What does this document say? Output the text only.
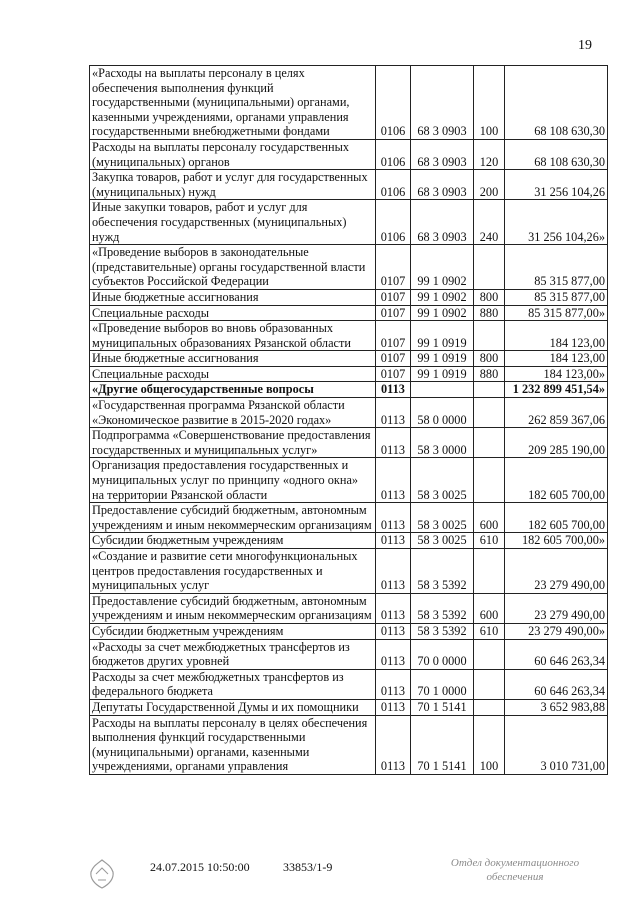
19
«Расходы на выплаты персоналу в целях обеспечения выполнения функций государственными (муниципальными) органами, казенными учреждениями, органами управления государственными внебюджетными фондами	0106	68 3 0903	100	68 108 630,30
Расходы на выплаты персоналу государственных (муниципальных) органов	0106	68 3 0903	120	68 108 630,30
Закупка товаров, работ и услуг для государственных (муниципальных) нужд	0106	68 3 0903	200	31 256 104,26
Иные закупки товаров, работ и услуг для обеспечения государственных (муниципальных) нужд	0106	68 3 0903	240	31 256 104,26»
«Проведение выборов в законодательные (представительные) органы государственной власти субъектов Российской Федерации	0107	99 1 0902		85 315 877,00
Иные бюджетные ассигнования	0107	99 1 0902	800	85 315 877,00
Специальные расходы	0107	99 1 0902	880	85 315 877,00»
«Проведение выборов во вновь образованных муниципальных образованиях Рязанской области	0107	99 1 0919		184 123,00
Иные бюджетные ассигнования	0107	99 1 0919	800	184 123,00
Специальные расходы	0107	99 1 0919	880	184 123,00»
«Другие общегосударственные вопросы	0113			1 232 899 451,54»
«Государственная программа Рязанской области «Экономическое развитие в 2015-2020 годах»	0113	58 0 0000		262 859 367,06
Подпрограмма «Совершенствование предоставления государственных и муниципальных услуг»	0113	58 3 0000		209 285 190,00
Организация предоставления государственных и муниципальных услуг по принципу «одного окна» на территории Рязанской области	0113	58 3 0025		182 605 700,00
Предоставление субсидий бюджетным, автономным учреждениям и иным некоммерческим организациям	0113	58 3 0025	600	182 605 700,00
Субсидии бюджетным учреждениям	0113	58 3 0025	610	182 605 700,00»
«Создание и развитие сети многофункциональных центров предоставления государственных и муниципальных услуг	0113	58 3 5392		23 279 490,00
Предоставление субсидий бюджетным, автономным учреждениям и иным некоммерческим организациям	0113	58 3 5392	600	23 279 490,00
Субсидии бюджетным учреждениям	0113	58 3 5392	610	23 279 490,00»
«Расходы за счет межбюджетных трансфертов из бюджетов других уровней	0113	70 0 0000		60 646 263,34
Расходы за счет межбюджетных трансфертов из федерального бюджета	0113	70 1 0000		60 646 263,34
Депутаты Государственной Думы и их помощники	0113	70 1 5141		3 652 983,88
Расходы на выплаты персоналу в целях обеспечения выполнения функций государственными (муниципальными) органами, казенными учреждениями, органами управления	0113	70 1 5141	100	3 010 731,00
24.07.2015 10:50:00	33853/1-9	Отдел документационного
обеспечения
